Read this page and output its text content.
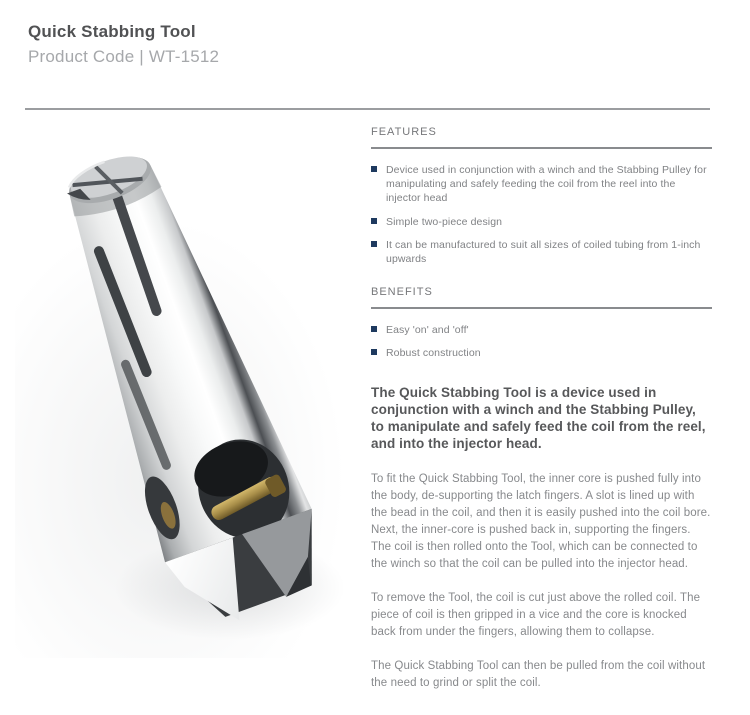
Quick Stabbing Tool
Product Code | WT-1512
FEATURES
Device used in conjunction with a winch and the Stabbing Pulley for manipulating and safely feeding the coil from the reel into the injector head
Simple two-piece design
It can be manufactured to suit all sizes of coiled tubing from 1-inch upwards
BENEFITS
Easy 'on' and 'off'
Robust construction

The Quick Stabbing Tool is a device used in conjunction with a winch and the Stabbing Pulley, to manipulate and safely feed the coil from the reel, and into the injector head.

To fit the Quick Stabbing Tool, the inner core is pushed fully into the body, de-supporting the latch fingers. A slot is lined up with the bead in the coil, and then it is easily pushed into the coil bore. Next, the inner-core is pushed back in, supporting the fingers. The coil is then rolled onto the Tool, which can be connected to the winch so that the coil can be pulled into the injector head.

To remove the Tool, the coil is cut just above the rolled coil. The piece of coil is then gripped in a vice and the core is knocked back from under the fingers, allowing them to collapse.

The Quick Stabbing Tool can then be pulled from the coil without the need to grind or split the coil.
